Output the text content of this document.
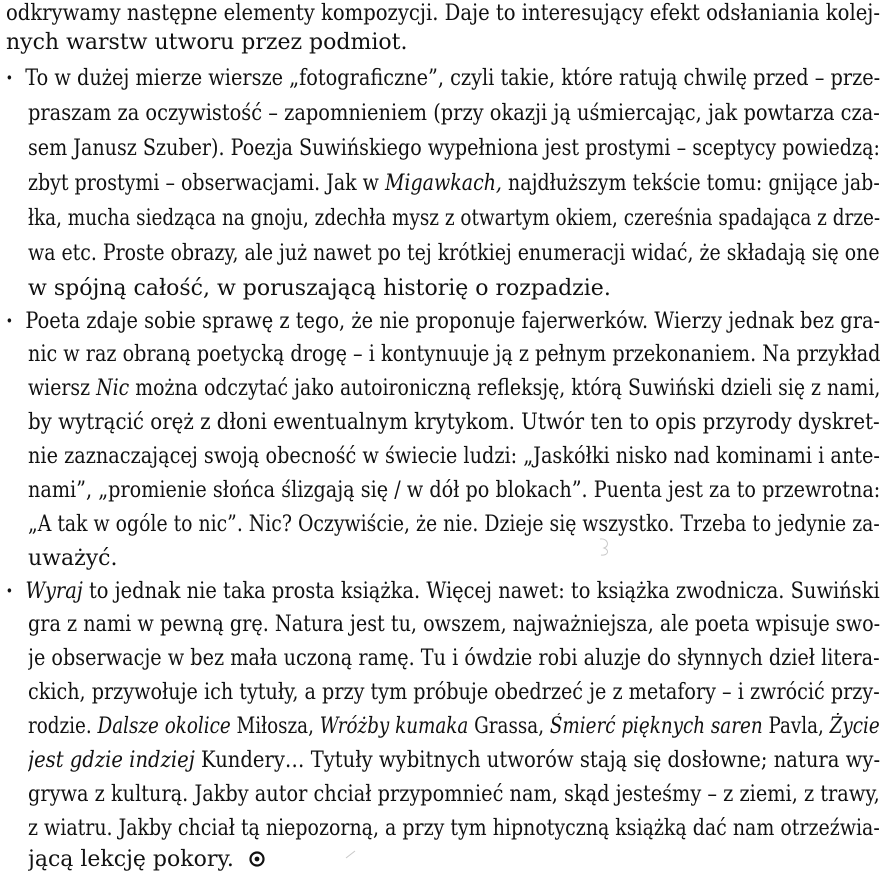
odkrywamy następne elementy kompozycji. Daje to interesujący efekt odsłaniania kolej-
nych warstw utworu przez podmiot.
· To w dużej mierze wiersze „fotograficzne”, czyli takie, które ratują chwilę przed – prze-
praszam za oczywistość – zapomnieniem (przy okazji ją uśmiercając, jak powtarza cza-
sem Janusz Szuber). Poezja Suwińskiego wypełniona jest prostymi – sceptycy powiedzą:
zbyt prostymi – obserwacjami. Jak w Migawkach, najdłuższym tekście tomu: gnijące jab-
łka, mucha siedząca na gnoju, zdechła mysz z otwartym okiem, czereśnia spadająca z drze-
wa etc. Proste obrazy, ale już nawet po tej krótkiej enumeracji widać, że składają się one
w spójną całość, w poruszającą historię o rozpadzie.
· Poeta zdaje sobie sprawę z tego, że nie proponuje fajerwerków. Wierzy jednak bez gra-
nic w raz obraną poetycką drogę – i kontynuuje ją z pełnym przekonaniem. Na przykład
wiersz Nic można odczytać jako autoironiczną refleksję, którą Suwiński dzieli się z nami,
by wytrącić oręż z dłoni ewentualnym krytykom. Utwór ten to opis przyrody dyskret-
nie zaznaczającej swoją obecność w świecie ludzi: „Jaskółki nisko nad kominami i ante-
nami”, „promienie słońca ślizgają się / w dół po blokach”. Puenta jest za to przewrotna:
„A tak w ogóle to nic”. Nic? Oczywiście, że nie. Dzieje się wszystko. Trzeba to jedynie za-
uważyć.
· Wyraj to jednak nie taka prosta książka. Więcej nawet: to książka zwodnicza. Suwiński
gra z nami w pewną grę. Natura jest tu, owszem, najważniejsza, ale poeta wpisuje swo-
je obserwacje w bez mała uczoną ramę. Tu i ówdzie robi aluzje do słynnych dzieł litera-
ckich, przywołuje ich tytuły, a przy tym próbuje obedrzeć je z metafory – i zwrócić przy-
rodzie. Dalsze okolice Miłosza, Wróżby kumaka Grassa, Śmierć pięknych saren Pavla, Życie
jest gdzie indziej Kundery… Tytuły wybitnych utworów stają się dosłowne; natura wy-
grywa z kulturą. Jakby autor chciał przypomnieć nam, skąd jesteśmy – z ziemi, z trawy,
z wiatru. Jakby chciał tą niepozorną, a przy tym hipnotyczną książką dać nam otrzeźwia-
jącą lekcję pokory.
